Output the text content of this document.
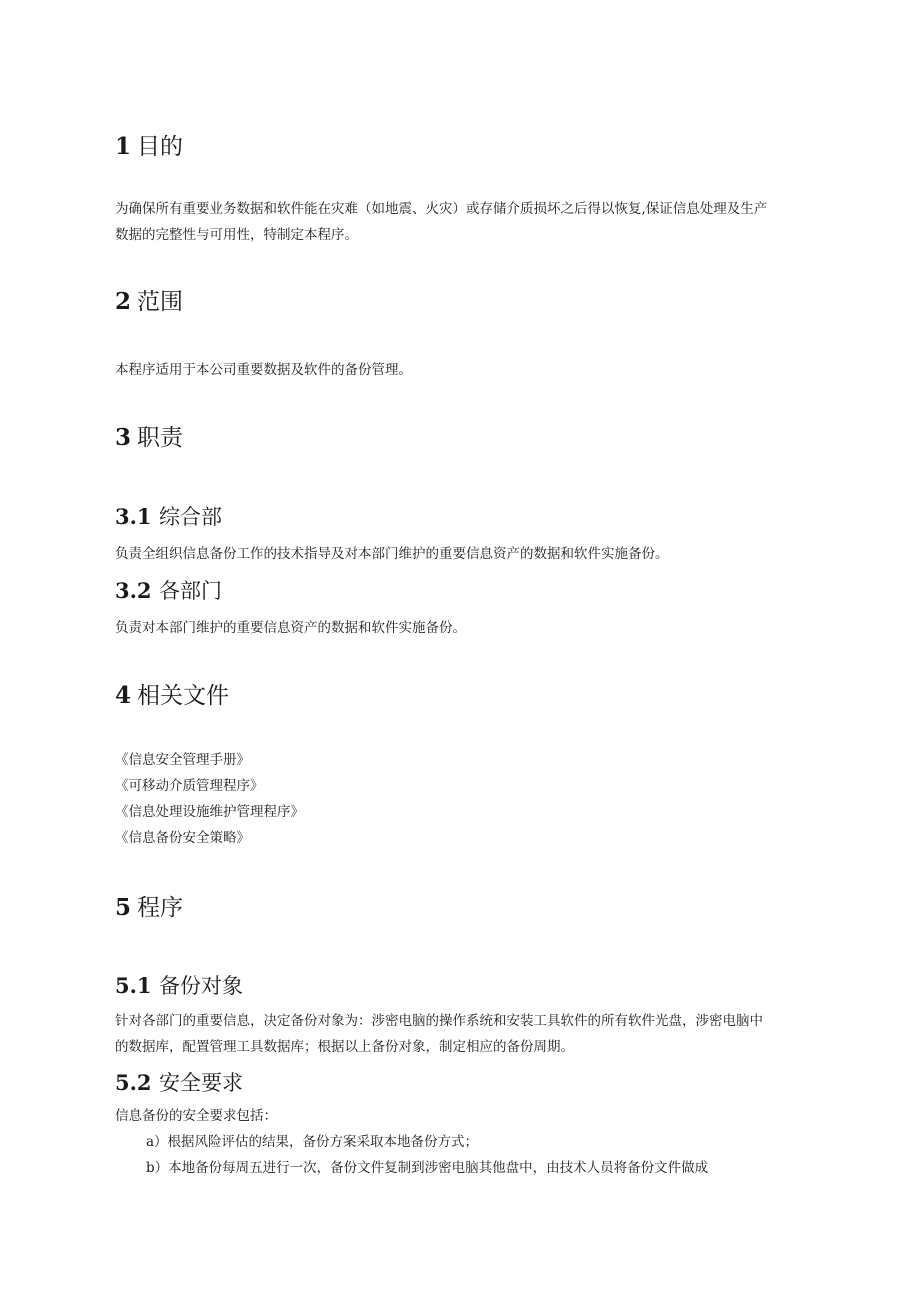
1 目的
为确保所有重要业务数据和软件能在灾难（如地震、火灾）或存储介质损坏之后得以恢复,保证信息处理及生产
数据的完整性与可用性，特制定本程序。
2 范围
本程序适用于本公司重要数据及软件的备份管理。
3 职责
3.1 综合部
负责全组织信息备份工作的技术指导及对本部门维护的重要信息资产的数据和软件实施备份。
3.2 各部门
负责对本部门维护的重要信息资产的数据和软件实施备份。
4 相关文件
《信息安全管理手册》
《可移动介质管理程序》
《信息处理设施维护管理程序》
《信息备份安全策略》
5 程序
5.1 备份对象
针对各部门的重要信息，决定备份对象为：涉密电脑的操作系统和安装工具软件的所有软件光盘，涉密电脑中
的数据库，配置管理工具数据库；根据以上备份对象，制定相应的备份周期。
5.2 安全要求
信息备份的安全要求包括：
a）根据风险评估的结果，备份方案采取本地备份方式；
b）本地备份每周五进行一次，备份文件复制到涉密电脑其他盘中，由技术人员将备份文件做成
